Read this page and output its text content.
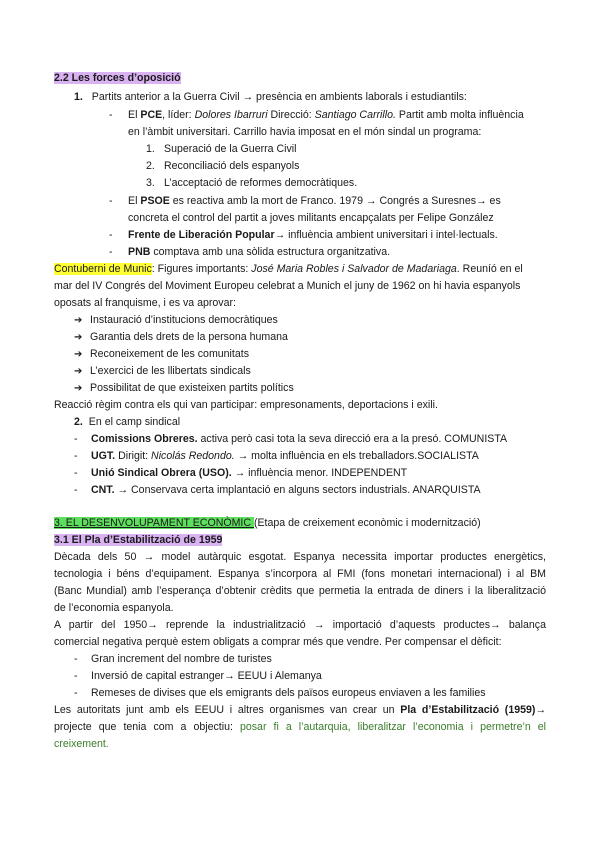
2.2 Les forces d’oposició
1. Partits anterior a la Guerra Civil → presència en ambients laborals i estudiantils:
- El PCE, líder: Dolores Ibarruri Direcció: Santiago Carrillo. Partit amb molta influència
en l’àmbit universitari. Carrillo havia imposat en el món sindal un programa:
1. Superació de la Guerra Civil
2. Reconciliació dels espanyols
3. L’acceptació de reformes democràtiques.
- El PSOE es reactiva amb la mort de Franco. 1979 → Congrés a Suresnes→ es
concreta el control del partit a joves militants encapçalats per Felipe González
- Frente de Liberación Popular→ influència ambient universitari i intel·lectuals.
- PNB comptava amb una sòlida estructura organitzativa.
Contuberni de Munic: Figures importants: José Maria Robles i Salvador de Madariaga. Reuníó en el
mar del IV Congrés del Moviment Europeu celebrat a Munich el juny de 1962 on hi havia espanyols
oposats al franquisme, i es va aprovar:
➔ Instauració d’institucions democràtiques
➔ Garantia dels drets de la persona humana
➔ Reconeixement de les comunitats
➔ L’exercici de les llibertats sindicals
➔ Possibilitat de que existeixen partits polítics
Reacció règim contra els qui van participar: empresonaments, deportacions i exili.
2. En el camp sindical
- Comissions Obreres. activa però casi tota la seva direcció era a la presó. COMUNISTA
- UGT. Dirigit: Nicolás Redondo. → molta influència en els treballadors.SOCIALISTA
- Unió Sindical Obrera (USO). → influència menor. INDEPENDENT
- CNT. → Conservava certa implantació en alguns sectors industrials. ANARQUISTA
3. EL DESENVOLUPAMENT ECONÒMIC (Etapa de creixement econòmic i modernització)
3.1 El Pla d’Estabilització de 1959
Dècada dels 50 → model autàrquic esgotat. Espanya necessita importar productes energètics,
tecnologia i béns d’equipament. Espanya s’incorpora al FMI (fons monetari internacional) i al BM
(Banc Mundial) amb l’esperança d’obtenir crèdits que permetia la entrada de diners i la liberalització
de l’economia espanyola.
A partir del 1950→ reprende la industrialització → importació d’aquests productes→ balança
comercial negativa perquè estem obligats a comprar més que vendre. Per compensar el dèficit:
- Gran increment del nombre de turistes
- Inversió de capital estranger→ EEUU i Alemanya
- Remeses de divises que els emigrants dels països europeus enviaven a les families
Les autoritats junt amb els EEUU i altres organismes van crear un Pla d’Estabilització (1959)→
projecte que tenia com a objectiu: posar fi a l’autarquia, liberalitzar l’economia i permetre’n el
creixement.
